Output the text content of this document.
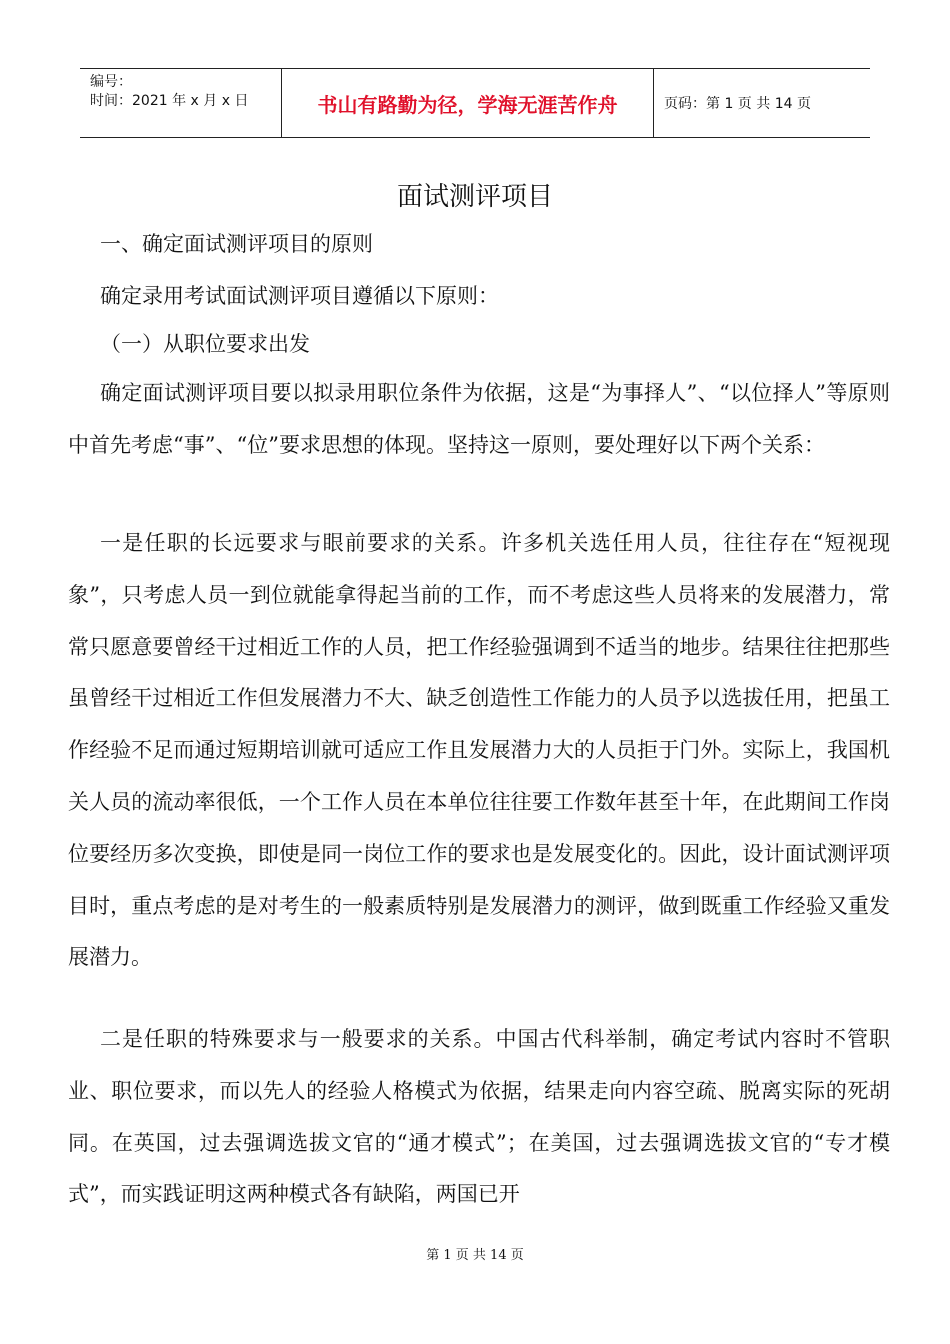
编号：
时间：2021 年 x 月 x 日	书山有路勤为径，学海无涯苦作舟	页码：第 1 页 共 14 页
面试测评项目

一、确定面试测评项目的原则

确定录用考试面试测评项目遵循以下原则：

（一）从职位要求出发

确定面试测评项目要以拟录用职位条件为依据，这是“为事择人”、“以位择人”等原则中首先考虑“事”、“位”要求思想的体现。坚持这一原则，要处理好以下两个关系：

一是任职的长远要求与眼前要求的关系。许多机关选任用人员，往往存在“短视现象”，只考虑人员一到位就能拿得起当前的工作，而不考虑这些人员将来的发展潜力，常常只愿意要曾经干过相近工作的人员，把工作经验强调到不适当的地步。结果往往把那些虽曾经干过相近工作但发展潜力不大、缺乏创造性工作能力的人员予以选拔任用，把虽工作经验不足而通过短期培训就可适应工作且发展潜力大的人员拒于门外。实际上，我国机关人员的流动率很低，一个工作人员在本单位往往要工作数年甚至十年，在此期间工作岗位要经历多次变换，即使是同一岗位工作的要求也是发展变化的。因此，设计面试测评项目时，重点考虑的是对考生的一般素质特别是发展潜力的测评，做到既重工作经验又重发展潜力。

二是任职的特殊要求与一般要求的关系。中国古代科举制，确定考试内容时不管职业、职位要求，而以先人的经验人格模式为依据，结果走向内容空疏、脱离实际的死胡同。在英国，过去强调选拔文官的“通才模式”；在美国，过去强调选拔文官的“专才模式”，而实践证明这两种模式各有缺陷，两国已开

第 1 页 共 14 页
